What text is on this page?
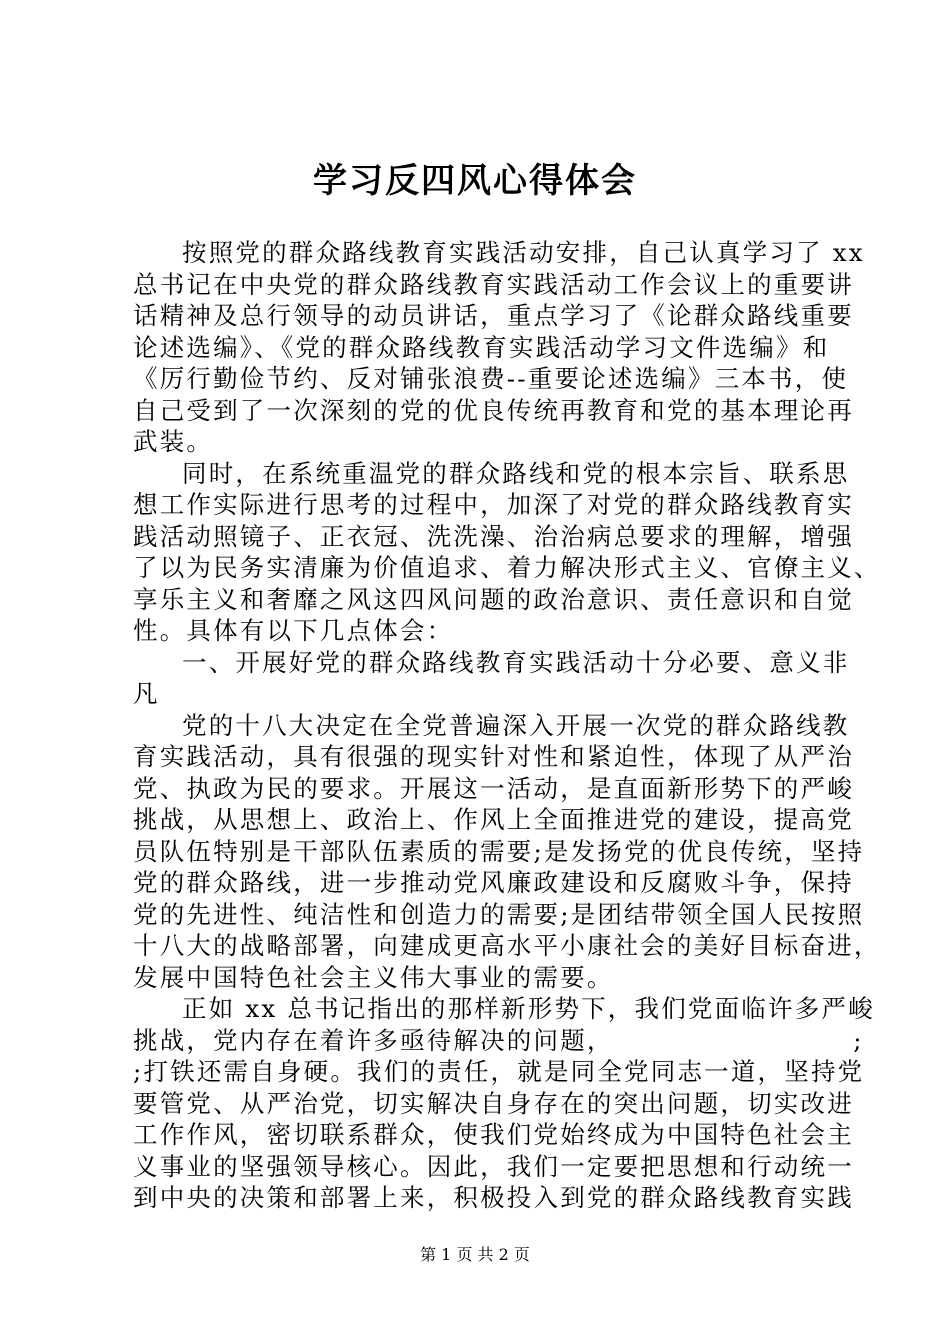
学习反四风心得体会

按照党的群众路线教育实践活动安排，自己认真学习了 xx
总书记在中央党的群众路线教育实践活动工作会议上的重要讲
话精神及总行领导的动员讲话，重点学习了《论群众路线重要
论述选编》、《党的群众路线教育实践活动学习文件选编》和
《厉行勤俭节约、反对铺张浪费--重要论述选编》三本书，使
自己受到了一次深刻的党的优良传统再教育和党的基本理论再
武装。

同时，在系统重温党的群众路线和党的根本宗旨、联系思
想工作实际进行思考的过程中，加深了对党的群众路线教育实
践活动照镜子、正衣冠、洗洗澡、治治病总要求的理解，增强
了以为民务实清廉为价值追求、着力解决形式主义、官僚主义、
享乐主义和奢靡之风这四风问题的政治意识、责任意识和自觉
性。具体有以下几点体会：

一、开展好党的群众路线教育实践活动十分必要、意义非
凡

党的十八大决定在全党普遍深入开展一次党的群众路线教
育实践活动，具有很强的现实针对性和紧迫性，体现了从严治
党、执政为民的要求。开展这一活动，是直面新形势下的严峻
挑战，从思想上、政治上、作风上全面推进党的建设，提高党
员队伍特别是干部队伍素质的需要;是发扬党的优良传统，坚持
党的群众路线，进一步推动党风廉政建设和反腐败斗争，保持
党的先进性、纯洁性和创造力的需要;是团结带领全国人民按照
十八大的战略部署，向建成更高水平小康社会的美好目标奋进，
发展中国特色社会主义伟大事业的需要。

正如 xx 总书记指出的那样新形势下，我们党面临许多严峻
挑战，党内存在着许多亟待解决的问题，                        ;
;打铁还需自身硬。我们的责任，就是同全党同志一道，坚持党
要管党、从严治党，切实解决自身存在的突出问题，切实改进
工作作风，密切联系群众，使我们党始终成为中国特色社会主
义事业的坚强领导核心。因此，我们一定要把思想和行动统一
到中央的决策和部署上来，积极投入到党的群众路线教育实践

第 1 页 共 2 页
